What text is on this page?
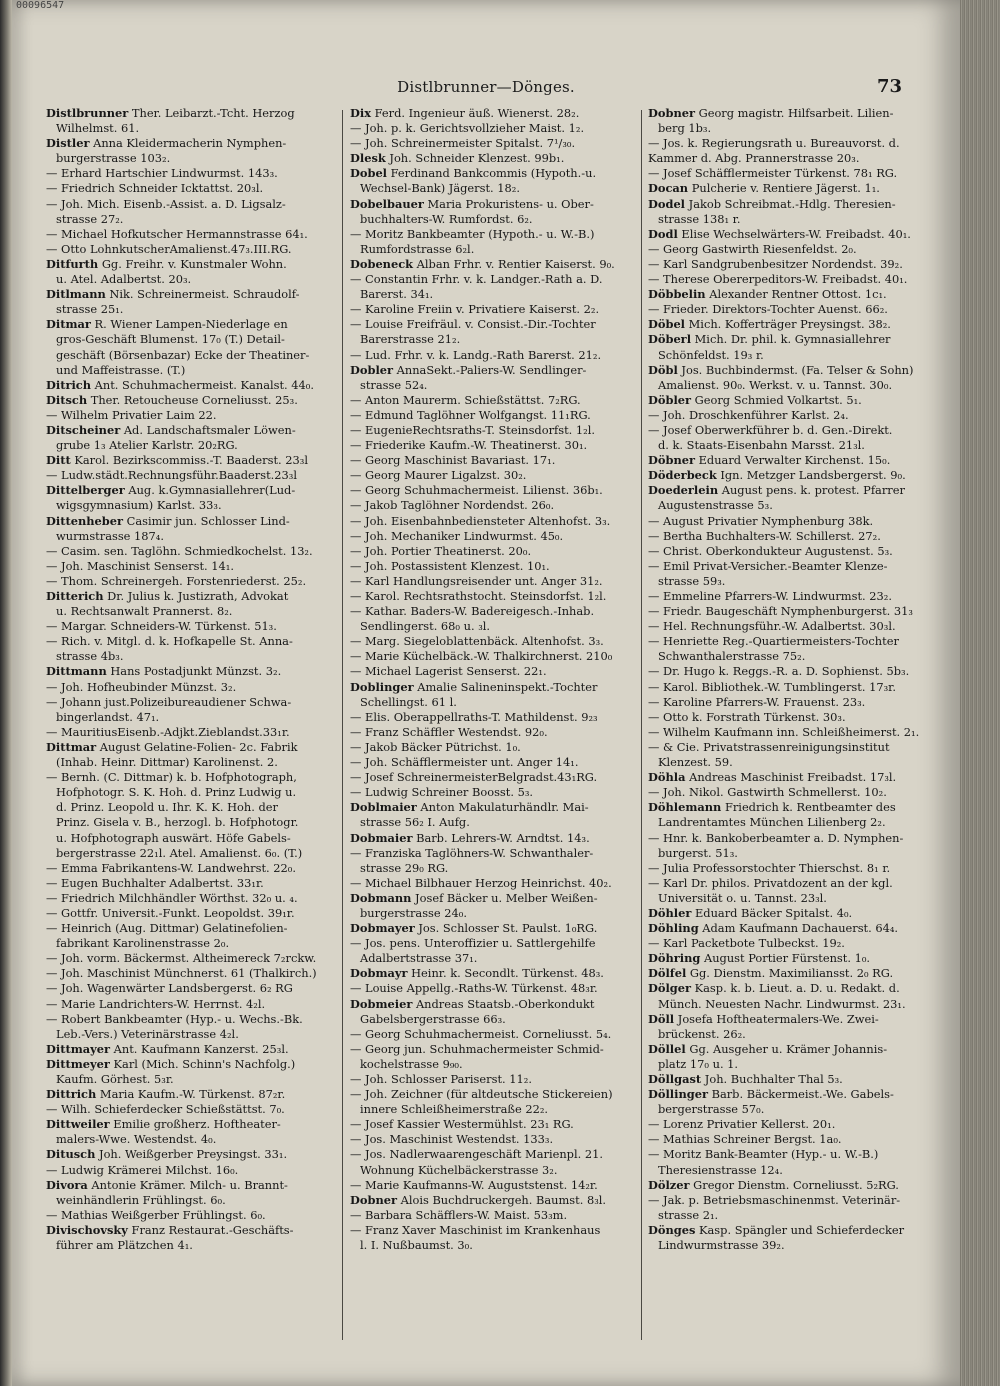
00096547
Distlbrunner—Dönges.	73
Distlbrunner Ther. Leibarzt.-Tcht. Herzog
Wilhelmst. 61.
Distler Anna Kleidermacherin Nymphen-
burgerstrasse 103₂.
— Erhard Hartschier Lindwurmst. 143₃.
— Friedrich Schneider Icktattst. 20₃l.
— Joh. Mich. Eisenb.-Assist. a. D. Ligsalz-
strasse 27₂.
— Michael Hofkutscher Hermannstrasse 64₁.
— Otto LohnkutscherAmalienst.47₃.III.RG.
Ditfurth Gg. Freihr. v. Kunstmaler Wohn.
u. Atel. Adalbertst. 20₃.
Ditlmann Nik. Schreinermeist. Schraudolf-
strasse 25₁.
Ditmar R. Wiener Lampen-Niederlage en
gros-Geschäft Blumenst. 17₀ (T.) Detail-
geschäft (Börsenbazar) Ecke der Theatiner-
und Maffeistrasse. (T.)
Ditrich Ant. Schuhmachermeist. Kanalst. 44₀.
Ditsch Ther. Retoucheuse Corneliusst. 25₃.
— Wilhelm Privatier Laim 22.
Ditscheiner Ad. Landschaftsmaler Löwen-
grube 1₃ Atelier Karlstr. 20₂RG.
Ditt Karol. Bezirkscommiss.-T. Baaderst. 23₃l
— Ludw.städt.Rechnungsführ.Baaderst.23₃l
Dittelberger Aug. k.Gymnasiallehrer(Lud-
wigsgymnasium) Karlst. 33₃.
Dittenheber Casimir jun. Schlosser Lind-
wurmstrasse 187₄.
— Casim. sen. Taglöhn. Schmiedkochelst. 13₂.
— Joh. Maschinist Senserst. 14₁.
— Thom. Schreinergeh. Forstenriederst. 25₂.
Ditterich Dr. Julius k. Justizrath, Advokat
u. Rechtsanwalt Prannerst. 8₂.
— Margar. Schneiders-W. Türkenst. 51₃.
— Rich. v. Mitgl. d. k. Hofkapelle St. Anna-
strasse 4b₃.
Dittmann Hans Postadjunkt Münzst. 3₂.
— Joh. Hofheubinder Münzst. 3₂.
— Johann just.Polizeibureaudiener Schwa-
bingerlandst. 47₁.
— MauritiusEisenb.-Adjkt.Zieblandst.33₁r.
Dittmar August Gelatine-Folien- 2c. Fabrik
(Inhab. Heinr. Dittmar) Karolinenst. 2.
— Bernh. (C. Dittmar) k. b. Hofphotograph,
Hofphotogr. S. K. Hoh. d. Prinz Ludwig u.
d. Prinz. Leopold u. Ihr. K. K. Hoh. der
Prinz. Gisela v. B., herzogl. b. Hofphotogr.
u. Hofphotograph auswärt. Höfe Gabels-
bergerstrasse 22₁l. Atel. Amalienst. 6₀. (T.)
— Emma Fabrikantens-W. Landwehrst. 22₀.
— Eugen Buchhalter Adalbertst. 33₁r.
— Friedrich Milchhändler Wörthst. 32₀ u. ₄.
— Gottfr. Universit.-Funkt. Leopoldst. 39₁r.
— Heinrich (Aug. Dittmar) Gelatinefolien-
fabrikant Karolinenstrasse 2₀.
— Joh. vorm. Bäckermst. Altheimereck 7₂rckw.
— Joh. Maschinist Münchnerst. 61 (Thalkirch.)
— Joh. Wagenwärter Landsbergerst. 6₂ RG
— Marie Landrichters-W. Herrnst. 4₂l.
— Robert Bankbeamter (Hyp.- u. Wechs.-Bk.
Leb.-Vers.) Veterinärstrasse 4₂l.
Dittmayer Ant. Kaufmann Kanzerst. 25₃l.
Dittmeyer Karl (Mich. Schinn's Nachfolg.)
Kaufm. Görhest. 5₃r.
Dittrich Maria Kaufm.-W. Türkenst. 87₂r.
— Wilh. Schieferdecker Schießstättst. 7₀.
Dittweiler Emilie großherz. Hoftheater-
malers-Wwe. Westendst. 4₀.
Ditusch Joh. Weißgerber Preysingst. 33₁.
— Ludwig Krämerei Milchst. 16₀.
Divora Antonie Krämer. Milch- u. Brannt-
weinhändlerin Frühlingst. 6₀.
— Mathias Weißgerber Frühlingst. 6₀.
Divischovsky Franz Restaurat.-Geschäfts-
führer am Plätzchen 4₁.
Dix Ferd. Ingenieur äuß. Wienerst. 28₂.
— Joh. p. k. Gerichtsvollzieher Maist. 1₂.
— Joh. Schreinermeister Spitalst. 7¹/₃₀.
Dlesk Joh. Schneider Klenzest. 99b₁.
Dobel Ferdinand Bankcommis (Hypoth.-u.
Wechsel-Bank) Jägerst. 18₂.
Dobelbauer Maria Prokuristens- u. Ober-
buchhalters-W. Rumfordst. 6₂.
— Moritz Bankbeamter (Hypoth.- u. W.-B.)
Rumfordstrasse 6₂l.
Dobeneck Alban Frhr. v. Rentier Kaiserst. 9₀.
— Constantin Frhr. v. k. Landger.-Rath a. D.
Barerst. 34₁.
— Karoline Freiin v. Privatiere Kaiserst. 2₂.
— Louise Freifräul. v. Consist.-Dir.-Tochter
Barerstrasse 21₂.
— Lud. Frhr. v. k. Landg.-Rath Barerst. 21₂.
Dobler AnnaSekt.-Paliers-W. Sendlinger-
strasse 52₄.
— Anton Maurerm. Schießstättst. 7₂RG.
— Edmund Taglöhner Wolfgangst. 11₁RG.
— EugenieRechtsraths-T. Steinsdorfst. 1₂l.
— Friederike Kaufm.-W. Theatinerst. 30₁.
— Georg Maschinist Bavariast. 17₁.
— Georg Maurer Ligalzst. 30₂.
— Georg Schuhmachermeist. Lilienst. 36b₁.
— Jakob Taglöhner Nordendst. 26₀.
— Joh. Eisenbahnbediensteter Altenhofst. 3₃.
— Joh. Mechaniker Lindwurmst. 45₀.
— Joh. Portier Theatinerst. 20₀.
— Joh. Postassistent Klenzest. 10₁.
— Karl Handlungsreisender unt. Anger 31₂.
— Karol. Rechtsrathstocht. Steinsdorfst. 1₂l.
— Kathar. Baders-W. Badereigesch.-Inhab.
Sendlingerst. 68₀ u. ₃l.
— Marg. Siegeloblattenbäck. Altenhofst. 3₃.
— Marie Küchelbäck.-W. Thalkirchnerst. 210₀
— Michael Lagerist Senserst. 22₁.
Doblinger Amalie Salineninspekt.-Tochter
Schellingst. 61 l.
— Elis. Oberappellraths-T. Mathildenst. 9₂₃
— Franz Schäffler Westendst. 92₀.
— Jakob Bäcker Pütrichst. 1₀.
— Joh. Schäfflermeister unt. Anger 14₁.
— Josef SchreinermeisterBelgradst.43₁RG.
— Ludwig Schreiner Boosst. 5₃.
Doblmaier Anton Makulaturhändlr. Mai-
strasse 56₂ I. Aufg.
Dobmaier Barb. Lehrers-W. Arndtst. 14₃.
— Franziska Taglöhners-W. Schwanthaler-
strasse 29₀ RG.
— Michael Bilbhauer Herzog Heinrichst. 40₂.
Dobmann Josef Bäcker u. Melber Weißen-
burgerstrasse 24₀.
Dobmayer Jos. Schlosser St. Paulst. 1₀RG.
— Jos. pens. Unteroffizier u. Sattlergehilfe
Adalbertstrasse 37₁.
Dobmayr Heinr. k. Secondlt. Türkenst. 48₃.
— Louise Appellg.-Raths-W. Türkenst. 48₃r.
Dobmeier Andreas Staatsb.-Oberkondukt
Gabelsbergerstrasse 66₃.
— Georg Schuhmachermeist. Corneliusst. 5₄.
— Georg jun. Schuhmachermeister Schmid-
kochelstrasse 9₉₀.
— Joh. Schlosser Pariserst. 11₂.
— Joh. Zeichner (für altdeutsche Stickereien)
innere Schleißheimerstraße 22₂.
— Josef Kassier Westermühlst. 23₁ RG.
— Jos. Maschinist Westendst. 133₃.
— Jos. Nadlerwaarengeschäft Marienpl. 21.
Wohnung Küchelbäckerstrasse 3₂.
— Marie Kaufmanns-W. Auguststenst. 14₂r.
Dobner Alois Buchdruckergeh. Baumst. 8₃l.
— Barbara Schäfflers-W. Maist. 53₃m.
— Franz Xaver Maschinist im Krankenhaus
l. I. Nußbaumst. 3₀.
Dobner Georg magistr. Hilfsarbeit. Lilien-
berg 1b₃.
— Jos. k. Regierungsrath u. Bureauvorst. d.
Kammer d. Abg. Prannerstrasse 20₃.
— Josef Schäfflermeister Türkenst. 78₁ RG.
Docan Pulcherie v. Rentiere Jägerst. 1₁.
Dodel Jakob Schreibmat.-Hdlg. Theresien-
strasse 138₁ r.
Dodl Elise Wechselwärters-W. Freibadst. 40₁.
— Georg Gastwirth Riesenfeldst. 2₀.
— Karl Sandgrubenbesitzer Nordendst. 39₂.
— Therese Obererpeditors-W. Freibadst. 40₁.
Döbbelin Alexander Rentner Ottost. 1c₁.
— Frieder. Direktors-Tochter Auenst. 66₂.
Döbel Mich. Kofferträger Preysingst. 38₂.
Döberl Mich. Dr. phil. k. Gymnasiallehrer
Schönfeldst. 19₃ r.
Döbl Jos. Buchbindermst. (Fa. Telser & Sohn)
Amalienst. 90₀. Werkst. v. u. Tannst. 30₀.
Döbler Georg Schmied Volkartst. 5₁.
— Joh. Droschkenführer Karlst. 2₄.
— Josef Oberwerkführer b. d. Gen.-Direkt.
d. k. Staats-Eisenbahn Marsst. 21₃l.
Döbner Eduard Verwalter Kirchenst. 15₀.
Döderbeck Ign. Metzger Landsbergerst. 9₀.
Doederlein August pens. k. protest. Pfarrer
Augustenstrasse 5₃.
— August Privatier Nymphenburg 38k.
— Bertha Buchhalters-W. Schillerst. 27₂.
— Christ. Oberkondukteur Augustenst. 5₃.
— Emil Privat-Versicher.-Beamter Klenze-
strasse 59₃.
— Emmeline Pfarrers-W. Lindwurmst. 23₂.
— Friedr. Baugeschäft Nymphenburgerst. 31₃
— Hel. Rechnungsführ.-W. Adalbertst. 30₃l.
— Henriette Reg.-Quartiermeisters-Tochter
Schwanthalerstrasse 75₂.
— Dr. Hugo k. Reggs.-R. a. D. Sophienst. 5b₃.
— Karol. Bibliothek.-W. Tumblingerst. 17₃r.
— Karoline Pfarrers-W. Frauenst. 23₃.
— Otto k. Forstrath Türkenst. 30₃.
— Wilhelm Kaufmann inn. Schleißheimerst. 2₁.
— & Cie. Privatstrassenreinigungsinstitut
Klenzest. 59.
Döhla Andreas Maschinist Freibadst. 17₃l.
— Joh. Nikol. Gastwirth Schmellerst. 10₂.
Döhlemann Friedrich k. Rentbeamter des
Landrentamtes München Lilienberg 2₂.
— Hnr. k. Bankoberbeamter a. D. Nymphen-
burgerst. 51₃.
— Julia Professorstochter Thierschst. 8₁ r.
— Karl Dr. philos. Privatdozent an der kgl.
Universität o. u. Tannst. 23₃l.
Döhler Eduard Bäcker Spitalst. 4₀.
Döhling Adam Kaufmann Dachauerst. 64₄.
— Karl Packetbote Tulbeckst. 19₂.
Döhring August Portier Fürstenst. 1₀.
Dölfel Gg. Dienstm. Maximiliansst. 2₀ RG.
Dölger Kasp. k. b. Lieut. a. D. u. Redakt. d.
Münch. Neuesten Nachr. Lindwurmst. 23₁.
Döll Josefa Hoftheatermalers-We. Zwei-
brückenst. 26₂.
Döllel Gg. Ausgeher u. Krämer Johannis-
platz 17₀ u. 1.
Döllgast Joh. Buchhalter Thal 5₃.
Döllinger Barb. Bäckermeist.-We. Gabels-
bergerstrasse 57₀.
— Lorenz Privatier Kellerst. 20₁.
— Mathias Schreiner Bergst. 1a₀.
— Moritz Bank-Beamter (Hyp.- u. W.-B.)
Theresienstrasse 12₄.
Dölzer Gregor Dienstm. Corneliusst. 5₂RG.
— Jak. p. Betriebsmaschinenmst. Veterinär-
strasse 2₁.
Dönges Kasp. Spängler und Schieferdecker
Lindwurmstrasse 39₂.
